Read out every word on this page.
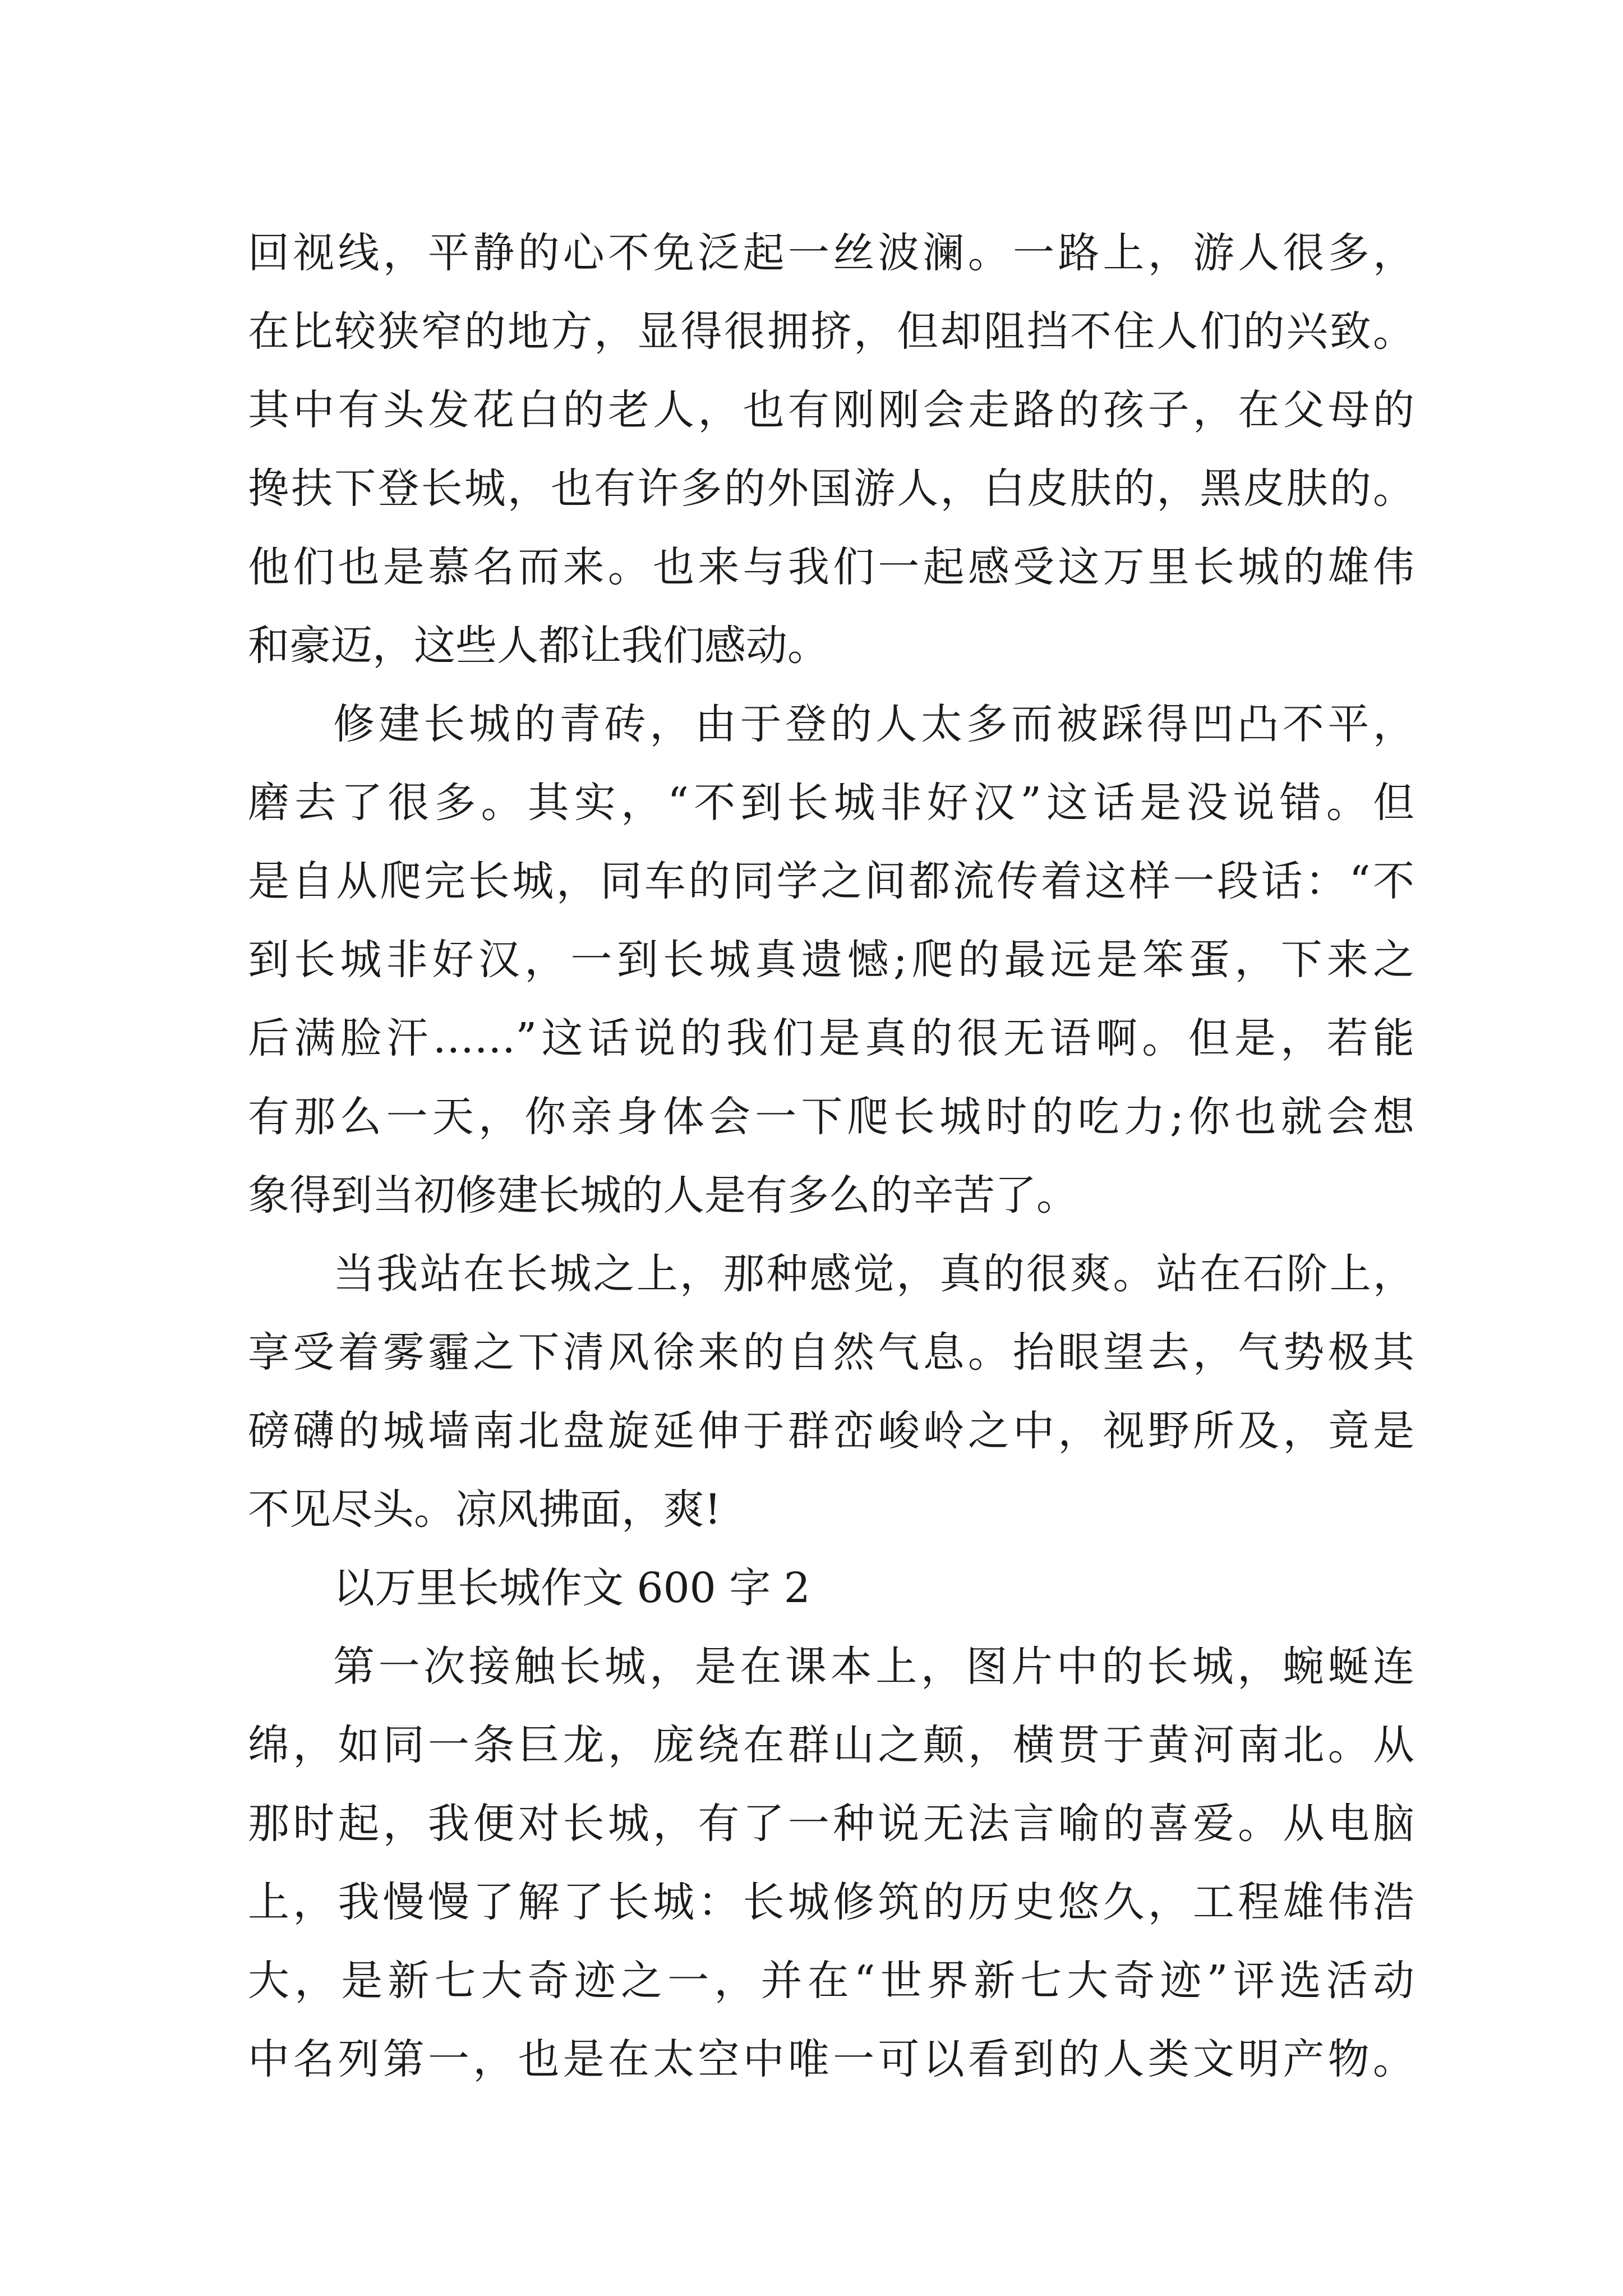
回视线，平静的心不免泛起一丝波澜。一路上，游人很多，
在比较狭窄的地方，显得很拥挤，但却阻挡不住人们的兴致。
其中有头发花白的老人，也有刚刚会走路的孩子，在父母的
搀扶下登长城，也有许多的外国游人，白皮肤的，黑皮肤的。
他们也是慕名而来。也来与我们一起感受这万里长城的雄伟
和豪迈，这些人都让我们感动。
修建长城的青砖，由于登的人太多而被踩得凹凸不平，
磨去了很多。其实，“不到长城非好汉”这话是没说错。但
是自从爬完长城，同车的同学之间都流传着这样一段话：“不
到长城非好汉，一到长城真遗憾;爬的最远是笨蛋，下来之
后满脸汗……”这话说的我们是真的很无语啊。但是，若能
有那么一天，你亲身体会一下爬长城时的吃力;你也就会想
象得到当初修建长城的人是有多么的辛苦了。
当我站在长城之上，那种感觉，真的很爽。站在石阶上，
享受着雾霾之下清风徐来的自然气息。抬眼望去，气势极其
磅礴的城墙南北盘旋延伸于群峦峻岭之中，视野所及，竟是
不见尽头。凉风拂面，爽!
以万里长城作文 600 字 2
第一次接触长城，是在课本上，图片中的长城，蜿蜒连
绵，如同一条巨龙，庞绕在群山之颠，横贯于黄河南北。从
那时起，我便对长城，有了一种说无法言喻的喜爱。从电脑
上，我慢慢了解了长城：长城修筑的历史悠久，工程雄伟浩
大，是新七大奇迹之一，并在“世界新七大奇迹”评选活动
中名列第一，也是在太空中唯一可以看到的人类文明产物。
